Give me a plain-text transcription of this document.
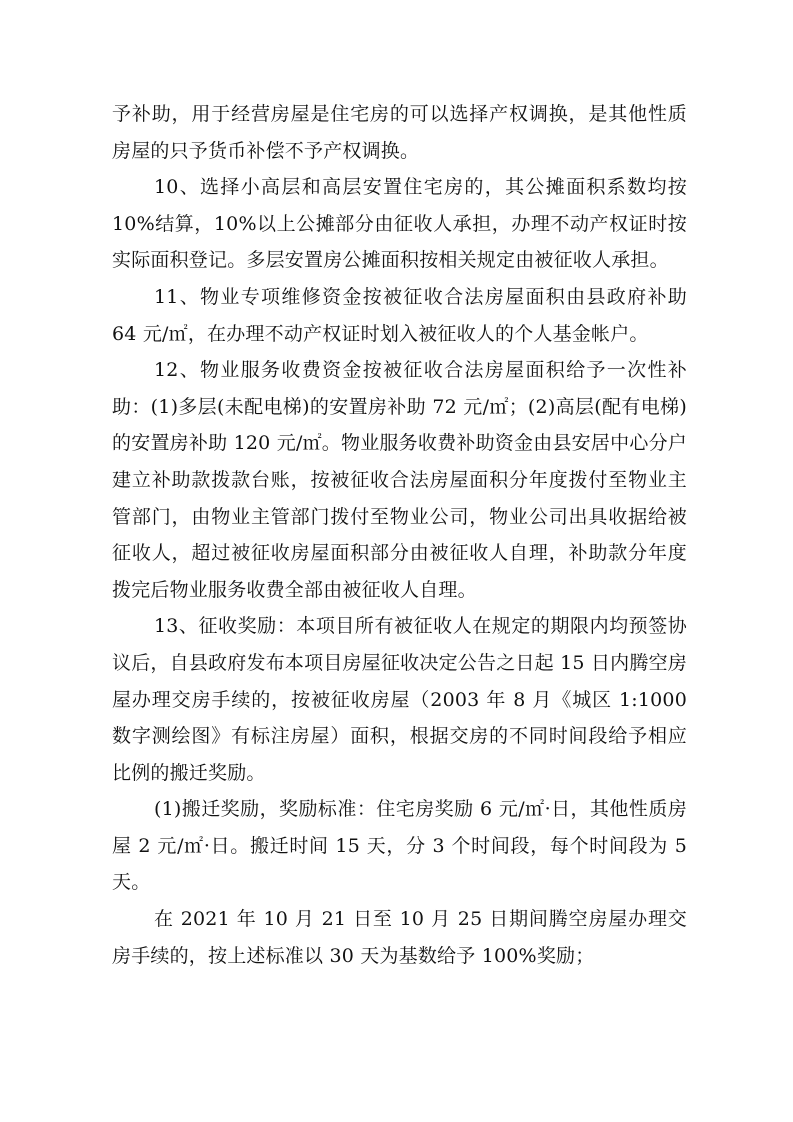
予补助，用于经营房屋是住宅房的可以选择产权调换，是其他性质房屋的只予货币补偿不予产权调换。

10、选择小高层和高层安置住宅房的，其公摊面积系数均按 10%结算，10%以上公摊部分由征收人承担，办理不动产权证时按实际面积登记。多层安置房公摊面积按相关规定由被征收人承担。

11、物业专项维修资金按被征收合法房屋面积由县政府补助 64 元/㎡，在办理不动产权证时划入被征收人的个人基金帐户。

12、物业服务收费资金按被征收合法房屋面积给予一次性补助：(1)多层(未配电梯)的安置房补助 72 元/㎡；(2)高层(配有电梯)的安置房补助 120 元/㎡。物业服务收费补助资金由县安居中心分户建立补助款拨款台账，按被征收合法房屋面积分年度拨付至物业主管部门，由物业主管部门拨付至物业公司，物业公司出具收据给被征收人，超过被征收房屋面积部分由被征收人自理，补助款分年度拨完后物业服务收费全部由被征收人自理。

13、征收奖励：本项目所有被征收人在规定的期限内均预签协议后，自县政府发布本项目房屋征收决定公告之日起 15 日内腾空房屋办理交房手续的，按被征收房屋（2003 年 8 月《城区 1:1000 数字测绘图》有标注房屋）面积，根据交房的不同时间段给予相应比例的搬迁奖励。

(1)搬迁奖励，奖励标准：住宅房奖励 6 元/㎡·日，其他性质房屋 2 元/㎡·日。搬迁时间 15 天，分 3 个时间段，每个时间段为 5 天。

在 2021 年 10 月 21 日至 10 月 25 日期间腾空房屋办理交房手续的，按上述标准以 30 天为基数给予 100%奖励；
